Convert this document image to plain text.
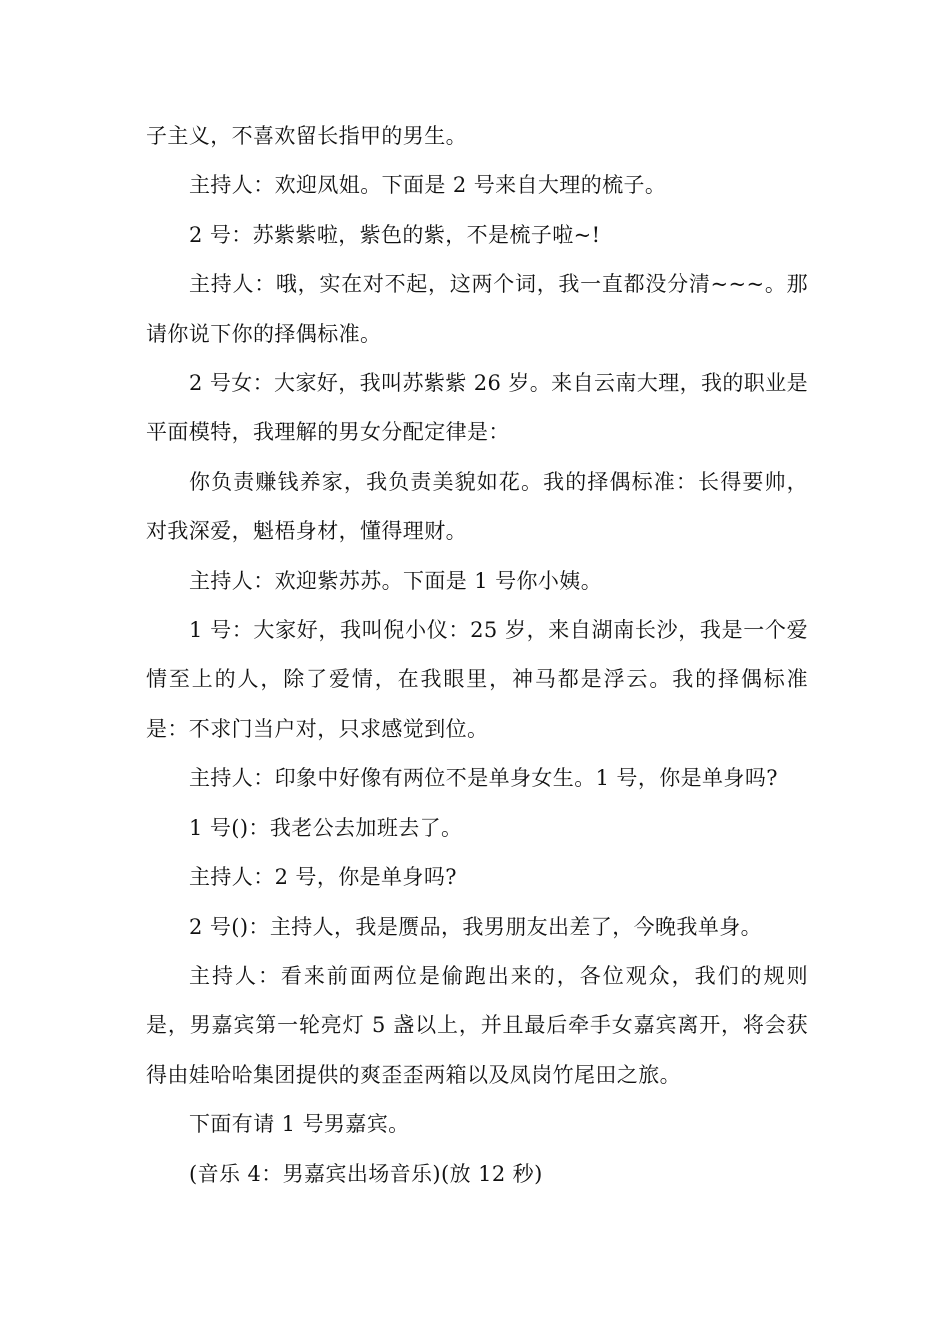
子主义，不喜欢留长指甲的男生。

主持人：欢迎凤姐。下面是 2 号来自大理的梳子。

2 号：苏紫紫啦，紫色的紫，不是梳子啦~!

主持人：哦，实在对不起，这两个词，我一直都没分清~~~。那请你说下你的择偶标准。

2 号女：大家好，我叫苏紫紫 26 岁。来自云南大理，我的职业是平面模特，我理解的男女分配定律是：

你负责赚钱养家，我负责美貌如花。我的择偶标准：长得要帅，对我深爱，魁梧身材，懂得理财。

主持人：欢迎紫苏苏。下面是 1 号你小姨。

1 号：大家好，我叫倪小仪：25 岁，来自湖南长沙，我是一个爱情至上的人，除了爱情，在我眼里，神马都是浮云。我的择偶标准是：不求门当户对，只求感觉到位。

主持人：印象中好像有两位不是单身女生。1 号，你是单身吗?

1 号()：我老公去加班去了。

主持人：2 号，你是单身吗?

2 号()：主持人，我是赝品，我男朋友出差了，今晚我单身。

主持人：看来前面两位是偷跑出来的，各位观众，我们的规则是，男嘉宾第一轮亮灯 5 盏以上，并且最后牵手女嘉宾离开，将会获得由娃哈哈集团提供的爽歪歪两箱以及凤岗竹尾田之旅。

下面有请 1 号男嘉宾。

(音乐 4：男嘉宾出场音乐)(放 12 秒)
